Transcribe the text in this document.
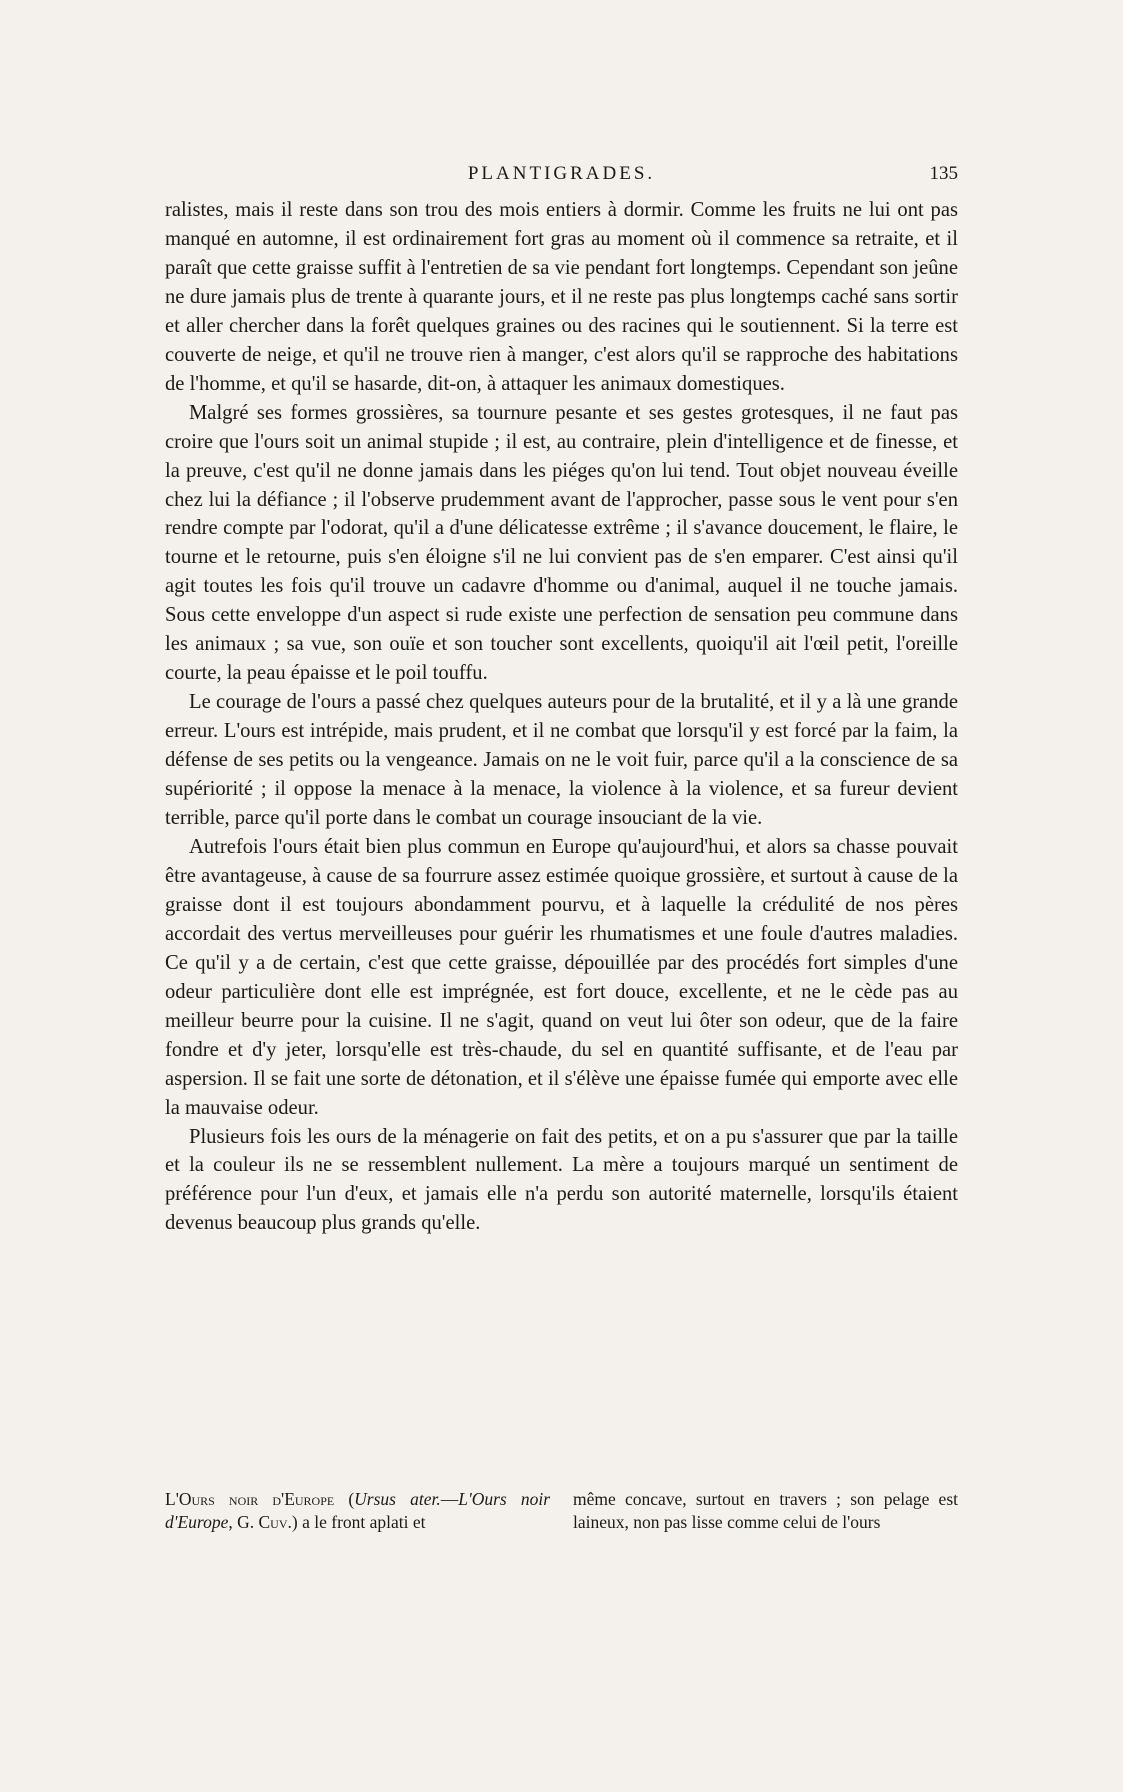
PLANTIGRADES.	135

ralistes, mais il reste dans son trou des mois entiers à dormir. Comme les fruits ne lui ont pas manqué en automne, il est ordinairement fort gras au moment où il commence sa retraite, et il paraît que cette graisse suffit à l'entretien de sa vie pendant fort longtemps. Cependant son jeûne ne dure jamais plus de trente à quarante jours, et il ne reste pas plus longtemps caché sans sortir et aller chercher dans la forêt quelques graines ou des racines qui le soutiennent. Si la terre est couverte de neige, et qu'il ne trouve rien à manger, c'est alors qu'il se rapproche des habitations de l'homme, et qu'il se hasarde, dit-on, à attaquer les animaux domestiques.

Malgré ses formes grossières, sa tournure pesante et ses gestes grotesques, il ne faut pas croire que l'ours soit un animal stupide ; il est, au contraire, plein d'intelligence et de finesse, et la preuve, c'est qu'il ne donne jamais dans les piéges qu'on lui tend. Tout objet nouveau éveille chez lui la défiance ; il l'observe prudemment avant de l'approcher, passe sous le vent pour s'en rendre compte par l'odorat, qu'il a d'une délicatesse extrême ; il s'avance doucement, le flaire, le tourne et le retourne, puis s'en éloigne s'il ne lui convient pas de s'en emparer. C'est ainsi qu'il agit toutes les fois qu'il trouve un cadavre d'homme ou d'animal, auquel il ne touche jamais. Sous cette enveloppe d'un aspect si rude existe une perfection de sensation peu commune dans les animaux ; sa vue, son ouïe et son toucher sont excellents, quoiqu'il ait l'œil petit, l'oreille courte, la peau épaisse et le poil touffu.

Le courage de l'ours a passé chez quelques auteurs pour de la brutalité, et il y a là une grande erreur. L'ours est intrépide, mais prudent, et il ne combat que lorsqu'il y est forcé par la faim, la défense de ses petits ou la vengeance. Jamais on ne le voit fuir, parce qu'il a la conscience de sa supériorité ; il oppose la menace à la menace, la violence à la violence, et sa fureur devient terrible, parce qu'il porte dans le combat un courage insouciant de la vie.

Autrefois l'ours était bien plus commun en Europe qu'aujourd'hui, et alors sa chasse pouvait être avantageuse, à cause de sa fourrure assez estimée quoique grossière, et surtout à cause de la graisse dont il est toujours abondamment pourvu, et à laquelle la crédulité de nos pères accordait des vertus merveilleuses pour guérir les rhumatismes et une foule d'autres maladies. Ce qu'il y a de certain, c'est que cette graisse, dépouillée par des procédés fort simples d'une odeur particulière dont elle est imprégnée, est fort douce, excellente, et ne le cède pas au meilleur beurre pour la cuisine. Il ne s'agit, quand on veut lui ôter son odeur, que de la faire fondre et d'y jeter, lorsqu'elle est très-chaude, du sel en quantité suffisante, et de l'eau par aspersion. Il se fait une sorte de détonation, et il s'élève une épaisse fumée qui emporte avec elle la mauvaise odeur.

Plusieurs fois les ours de la ménagerie on fait des petits, et on a pu s'assurer que par la taille et la couleur ils ne se ressemblent nullement. La mère a toujours marqué un sentiment de préférence pour l'un d'eux, et jamais elle n'a perdu son autorité maternelle, lorsqu'ils étaient devenus beaucoup plus grands qu'elle.

L'Ours noir d'Europe (Ursus ater.—L'Ours noir d'Europe, G. Cuv.) a le front aplati et
même concave, surtout en travers ; son pelage est laineux, non pas lisse comme celui de l'ours
